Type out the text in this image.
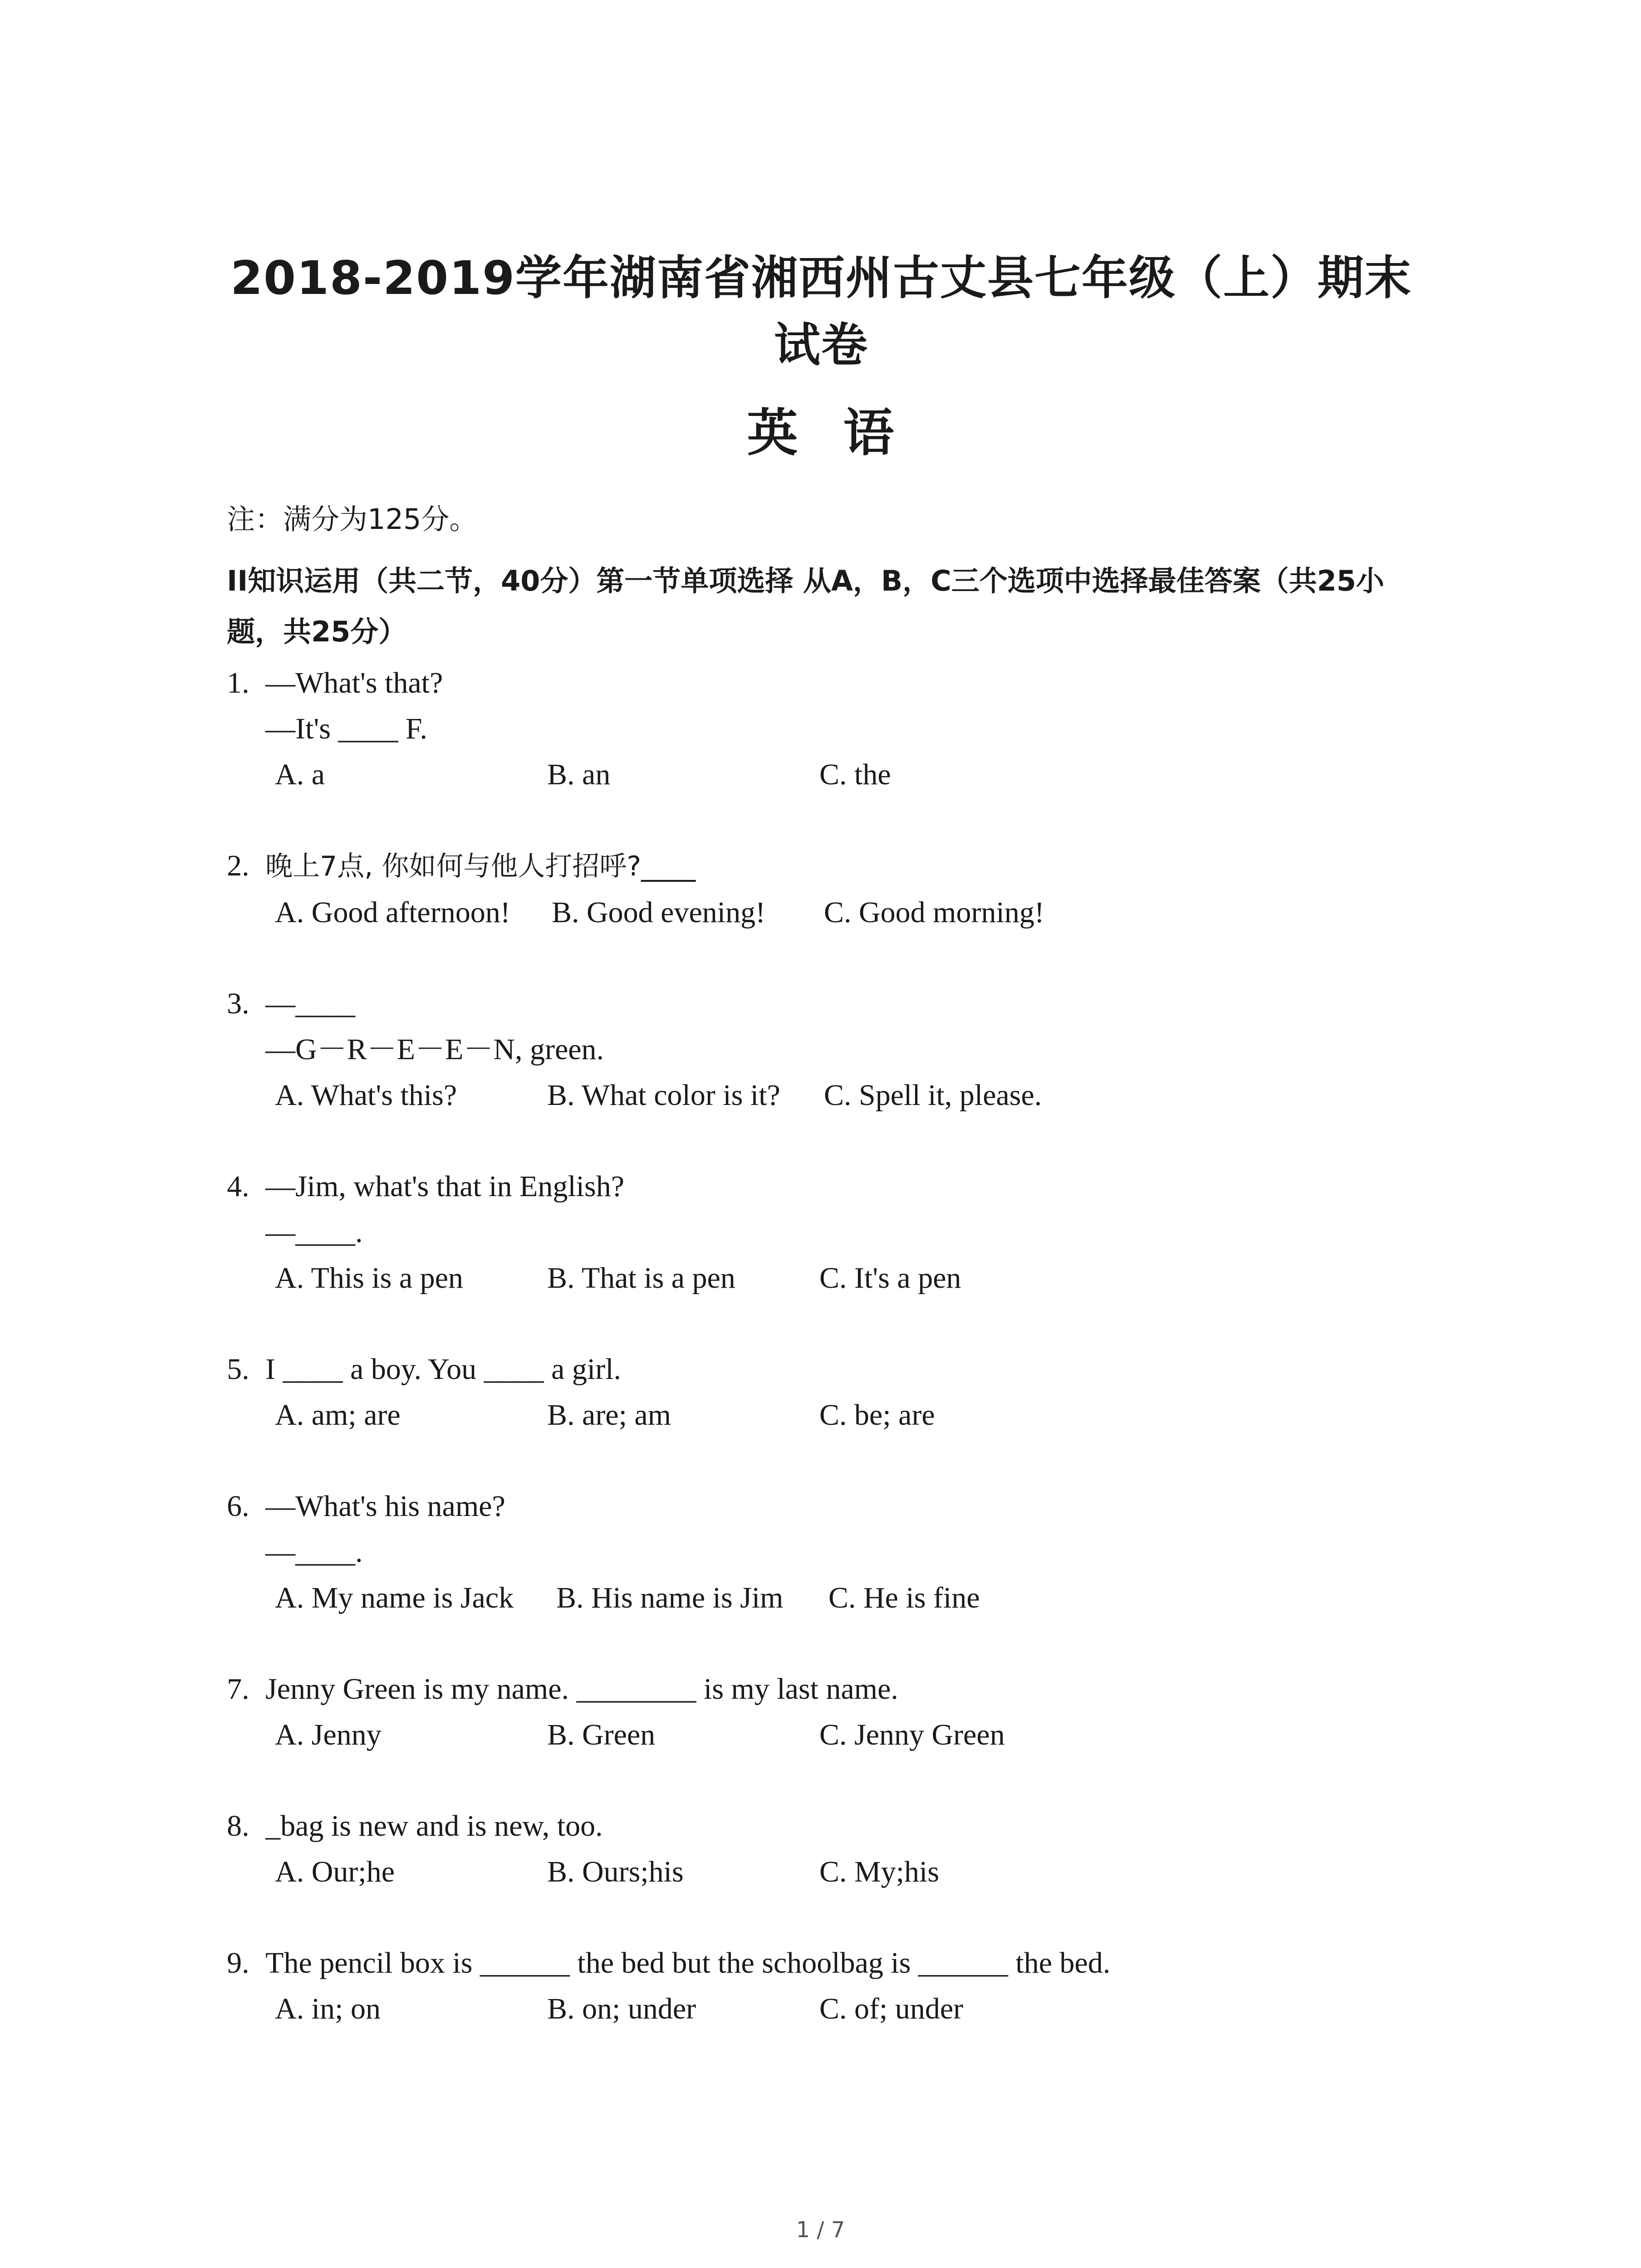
2018-2019学年湖南省湘西州古丈县七年级（上）期末
试卷
英语
注：满分为125分。
II知识运用（共二节，40分）第一节单项选择 从A，B，C三个选项中选择最佳答案（共25小
题，共25分）
1. —What's that?
—It's ____ F.
A. a	B. an	C. the
2. 晚上7点, 你如何与他人打招呼?____
A. Good afternoon!	B. Good evening!	C. Good morning!
3. —____
—G－R－E－E－N, green.
A. What's this?	B. What color is it?	C. Spell it, please.
4. —Jim, what's that in English?
—____.
A. This is a pen	B. That is a pen	C. It's a pen
5. I ____ a boy. You ____ a girl.
A. am; are	B. are; am	C. be; are
6. —What's his name?
—____.
A. My name is Jack	B. His name is Jim	C. He is fine
7. Jenny Green is my name. ________ is my last name.
A. Jenny	B. Green	C. Jenny Green
8. _bag is new and is new, too.
A. Our;he	B. Ours;his	C. My;his
9. The pencil box is ______ the bed but the schoolbag is ______ the bed.
A. in; on	B. on; under	C. of; under
1 / 7
